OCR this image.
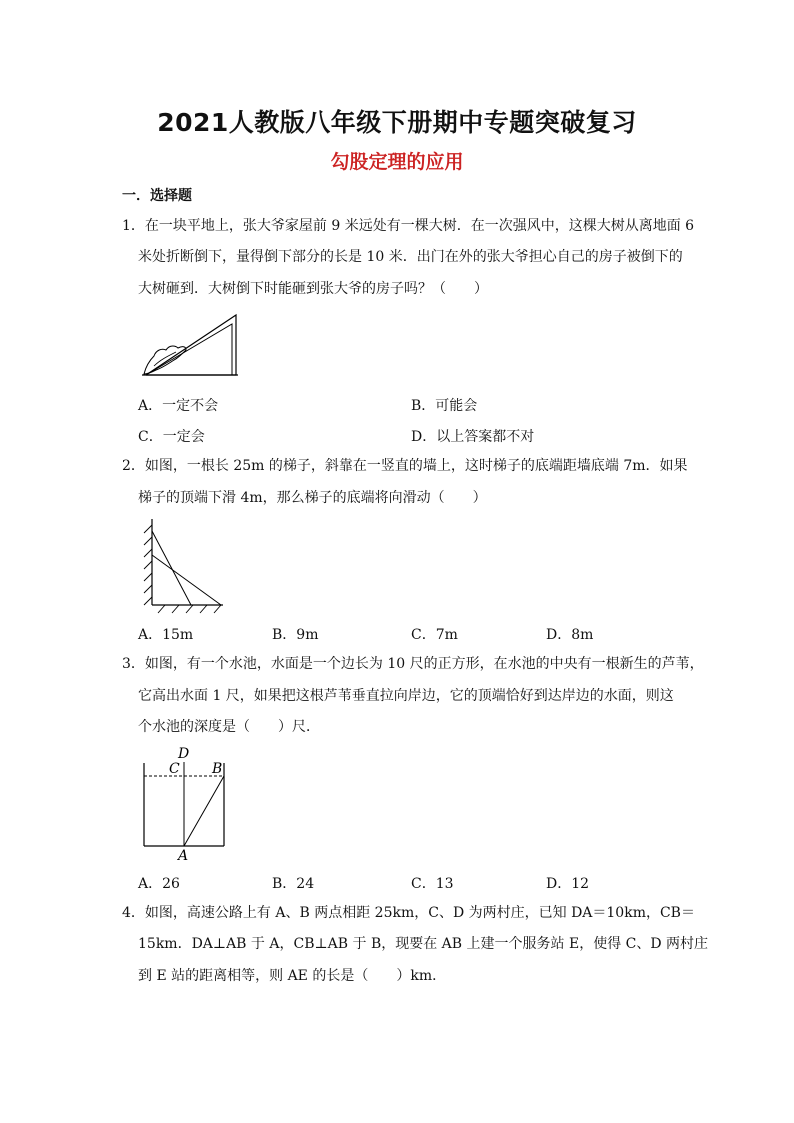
2021人教版八年级下册期中专题突破复习
勾股定理的应用
一．选择题
1．在一块平地上，张大爷家屋前 9 米远处有一棵大树．在一次强风中，这棵大树从离地面 6
米处折断倒下，量得倒下部分的长是 10 米．出门在外的张大爷担心自己的房子被倒下的
大树砸到．大树倒下时能砸到张大爷的房子吗？（　　）
A．一定不会	B．可能会
C．一定会	D．以上答案都不对
2．如图，一根长 25m 的梯子，斜靠在一竖直的墙上，这时梯子的底端距墙底端 7m．如果
梯子的顶端下滑 4m，那么梯子的底端将向滑动（　　）
A．15m	B．9m	C．7m	D．8m
3．如图，有一个水池，水面是一个边长为 10 尺的正方形，在水池的中央有一根新生的芦苇，
它高出水面 1 尺，如果把这根芦苇垂直拉向岸边，它的顶端恰好到达岸边的水面，则这
个水池的深度是（　　）尺．
D
C B
A
A．26	B．24	C．13	D．12
4．如图，高速公路上有 A、B 两点相距 25km，C、D 为两村庄，已知 DA＝10km，CB＝
15km．DA⊥AB 于 A，CB⊥AB 于 B，现要在 AB 上建一个服务站 E，使得 C、D 两村庄
到 E 站的距离相等，则 AE 的长是（　　）km．
